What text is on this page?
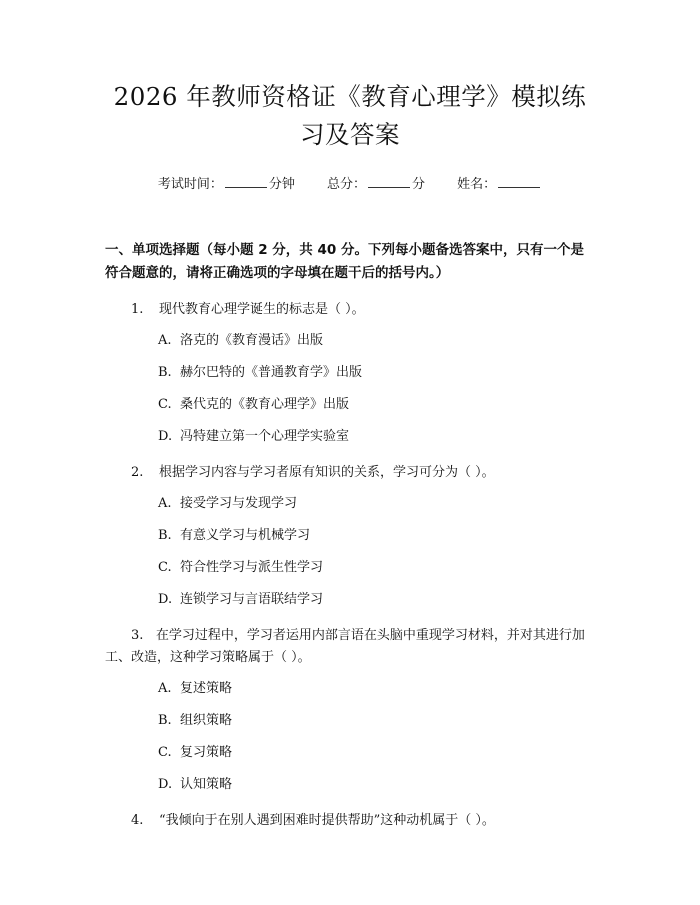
2026 年教师资格证《教育心理学》模拟练习及答案
考试时间：	分钟 总分：	分 姓名：
一、单项选择题（每小题 2 分，共 40 分。下列每小题备选答案中，只有一个是符合题意的，请将正确选项的字母填在题干后的括号内。）
1. 现代教育心理学诞生的标志是（ ）。
A. 洛克的《教育漫话》出版
B. 赫尔巴特的《普通教育学》出版
C. 桑代克的《教育心理学》出版
D. 冯特建立第一个心理学实验室
2. 根据学习内容与学习者原有知识的关系，学习可分为（ ）。
A. 接受学习与发现学习
B. 有意义学习与机械学习
C. 符合性学习与派生性学习
D. 连锁学习与言语联结学习
3. 在学习过程中，学习者运用内部言语在头脑中重现学习材料，并对其进行加工、改造，这种学习策略属于（ ）。
A. 复述策略
B. 组织策略
C. 复习策略
D. 认知策略
4. “我倾向于在别人遇到困难时提供帮助”这种动机属于（ ）。
